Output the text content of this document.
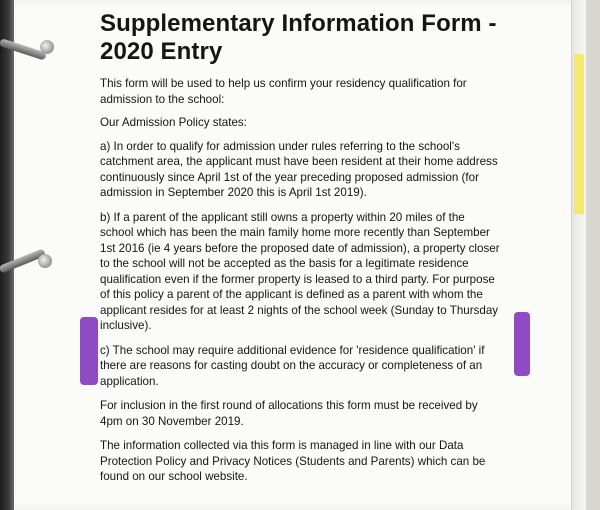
Supplementary Information Form -
2020 Entry

This form will be used to help us confirm your residency qualification for admission to the school:

Our Admission Policy states:

a) In order to qualify for admission under rules referring to the school's catchment area, the applicant must have been resident at their home address continuously since April 1st of the year preceding proposed admission (for admission in September 2020 this is April 1st 2019).

b) If a parent of the applicant still owns a property within 20 miles of the school which has been the main family home more recently than September 1st 2016 (ie 4 years before the proposed date of admission), a property closer to the school will not be accepted as the basis for a legitimate residence qualification even if the former property is leased to a third party. For purpose of this policy a parent of the applicant is defined as a parent with whom the applicant resides for at least 2 nights of the school week (Sunday to Thursday inclusive).

c) The school may require additional evidence for 'residence qualification' if there are reasons for casting doubt on the accuracy or completeness of an application.

For inclusion in the first round of allocations this form must be received by 4pm on 30 November 2019.

The information collected via this form is managed in line with our Data Protection Policy and Privacy Notices (Students and Parents) which can be found on our school website.
